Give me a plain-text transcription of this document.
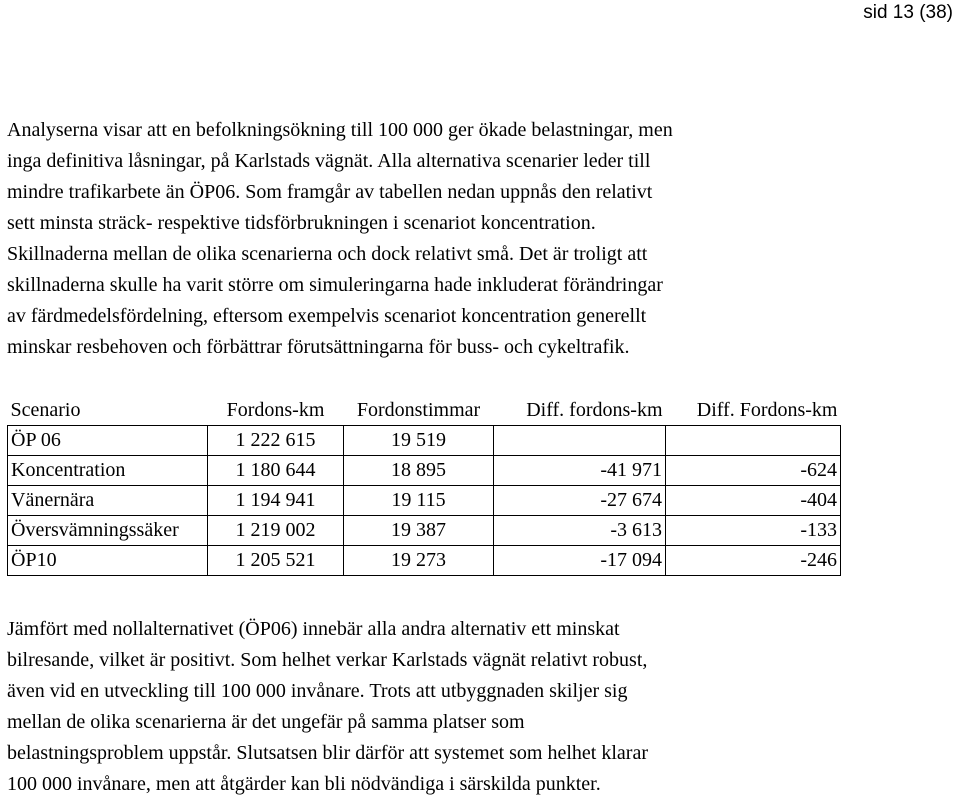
sid 13 (38)
Analyserna visar att en befolkningsökning till 100 000 ger ökade belastningar, men
inga definitiva låsningar, på Karlstads vägnät. Alla alternativa scenarier leder till
mindre trafikarbete än ÖP06. Som framgår av tabellen nedan uppnås den relativt
sett minsta sträck- respektive tidsförbrukningen i scenariot koncentration.
Skillnaderna mellan de olika scenarierna och dock relativt små. Det är troligt att
skillnaderna skulle ha varit större om simuleringarna hade inkluderat förändringar
av färdmedelsfördelning, eftersom exempelvis scenariot koncentration generellt
minskar resbehoven och förbättrar förutsättningarna för buss- och cykeltrafik.
Scenario	Fordons-km	Fordonstimmar	Diff. fordons-km	Diff. Fordons-km
ÖP 06	1 222 615	19 519		
Koncentration	1 180 644	18 895	-41 971	-624
Vänernära	1 194 941	19 115	-27 674	-404
Översvämningssäker	1 219 002	19 387	-3 613	-133
ÖP10	1 205 521	19 273	-17 094	-246
Jämfört med nollalternativet (ÖP06) innebär alla andra alternativ ett minskat
bilresande, vilket är positivt. Som helhet verkar Karlstads vägnät relativt robust,
även vid en utveckling till 100 000 invånare. Trots att utbyggnaden skiljer sig
mellan de olika scenarierna är det ungefär på samma platser som
belastningsproblem uppstår. Slutsatsen blir därför att systemet som helhet klarar
100 000 invånare, men att åtgärder kan bli nödvändiga i särskilda punkter.
